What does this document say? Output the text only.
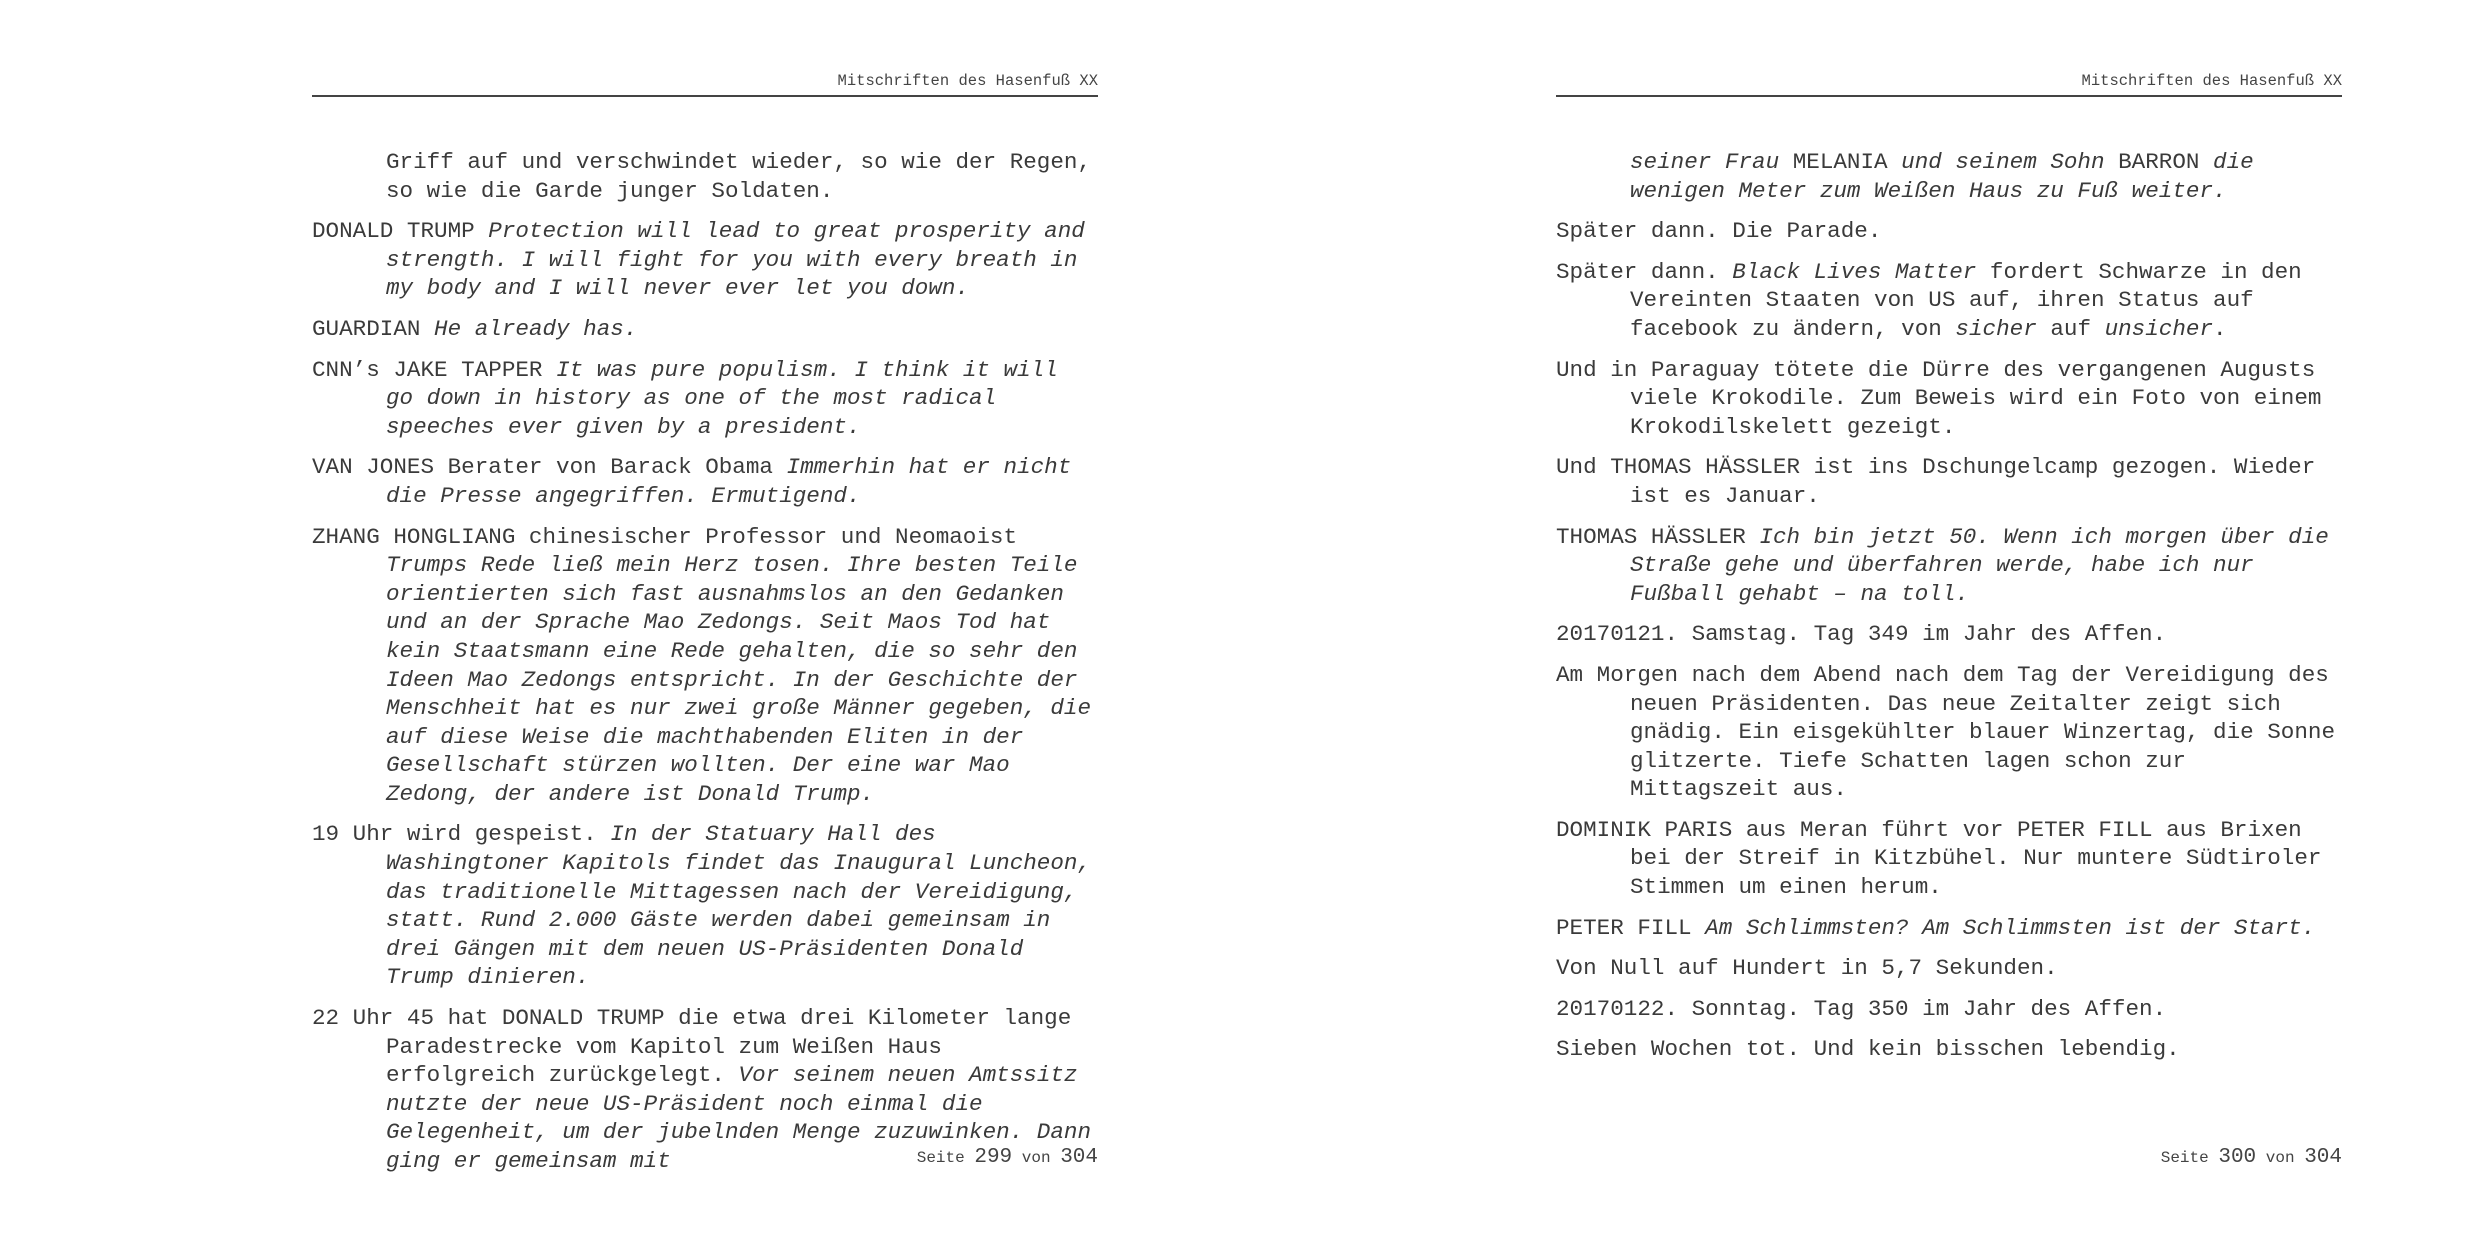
Mitschriften des Hasenfuß XX

Griff auf und verschwindet wieder, so wie der Regen, so wie die Garde junger Soldaten.

DONALD TRUMP Protection will lead to great prosperity and strength. I will fight for you with every breath in my body and I will never ever let you down.

GUARDIAN He already has.

CNN’s JAKE TAPPER It was pure populism. I think it will go down in history as one of the most radical speeches ever given by a president.

VAN JONES Berater von Barack Obama Immerhin hat er nicht die Presse angegriffen. Ermutigend.

ZHANG HONGLIANG chinesischer Professor und Neomaoist Trumps Rede ließ mein Herz tosen. Ihre besten Teile orientierten sich fast ausnahmslos an den Gedanken und an der Sprache Mao Zedongs. Seit Maos Tod hat kein Staatsmann eine Rede gehalten, die so sehr den Ideen Mao Zedongs entspricht. In der Geschichte der Menschheit hat es nur zwei große Männer gegeben, die auf diese Weise die machthabenden Eliten in der Gesellschaft stürzen wollten. Der eine war Mao Zedong, der andere ist Donald Trump.

19 Uhr wird gespeist. In der Statuary Hall des Washingtoner Kapitols findet das Inaugural Luncheon, das traditionelle Mittagessen nach der Vereidigung, statt. Rund 2.000 Gäste werden dabei gemeinsam in drei Gängen mit dem neuen US-Präsidenten Donald Trump dinieren.

22 Uhr 45 hat DONALD TRUMP die etwa drei Kilometer lange Paradestrecke vom Kapitol zum Weißen Haus erfolgreich zurückgelegt. Vor seinem neuen Amtssitz nutzte der neue US-Präsident noch einmal die Gelegenheit, um der jubelnden Menge zuzuwinken. Dann ging er gemeinsam mit	Seite 299 von 304
Mitschriften des Hasenfuß XX

seiner Frau MELANIA und seinem Sohn BARRON die wenigen Meter zum Weißen Haus zu Fuß weiter.

Später dann. Die Parade.

Später dann. Black Lives Matter fordert Schwarze in den Vereinten Staaten von US auf, ihren Status auf facebook zu ändern, von sicher auf unsicher.

Und in Paraguay tötete die Dürre des vergangenen Augusts viele Krokodile. Zum Beweis wird ein Foto von einem Krokodilskelett gezeigt.

Und THOMAS HÄSSLER ist ins Dschungelcamp gezogen. Wieder ist es Januar.

THOMAS HÄSSLER Ich bin jetzt 50. Wenn ich morgen über die Straße gehe und überfahren werde, habe ich nur Fußball gehabt – na toll.

20170121. Samstag. Tag 349 im Jahr des Affen.

Am Morgen nach dem Abend nach dem Tag der Vereidigung des neuen Präsidenten. Das neue Zeitalter zeigt sich gnädig. Ein eisgekühlter blauer Winzertag, die Sonne glitzerte. Tiefe Schatten lagen schon zur Mittagszeit aus.

DOMINIK PARIS aus Meran führt vor PETER FILL aus Brixen bei der Streif in Kitzbühel. Nur muntere Südtiroler Stimmen um einen herum.

PETER FILL Am Schlimmsten? Am Schlimmsten ist der Start.

Von Null auf Hundert in 5,7 Sekunden.

20170122. Sonntag. Tag 350 im Jahr des Affen.

Sieben Wochen tot. Und kein bisschen lebendig.

Seite 300 von 304
